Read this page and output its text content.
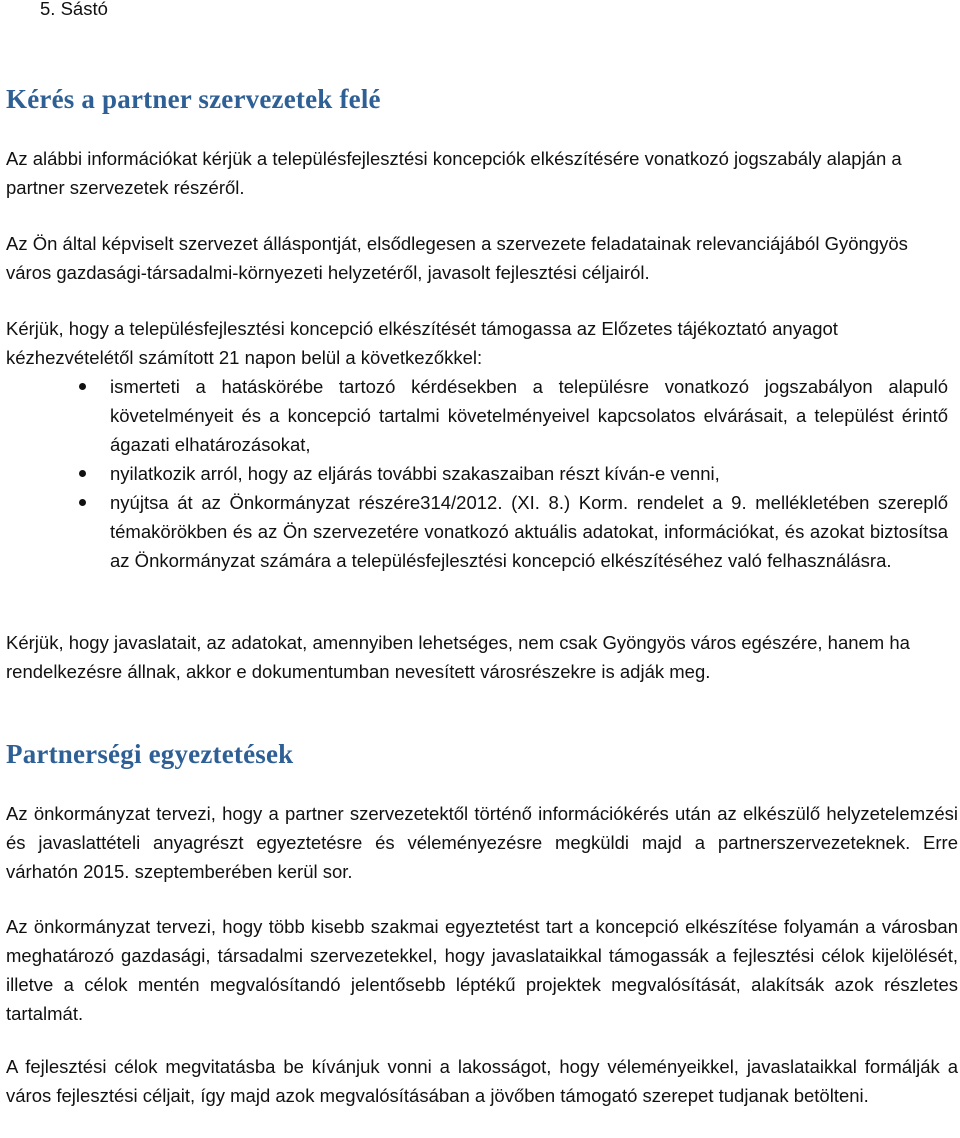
5. Sástó

Kérés a partner szervezetek felé

Az alábbi információkat kérjük a településfejlesztési koncepciók elkészítésére vonatkozó jogszabály alapján a partner szervezetek részéről.

Az Ön által képviselt szervezet álláspontját, elsődlegesen a szervezete feladatainak relevanciájából Gyöngyös város gazdasági-társadalmi-környezeti helyzetéről, javasolt fejlesztési céljairól.

Kérjük, hogy a településfejlesztési koncepció elkészítését támogassa az Előzetes tájékoztató anyagot kézhezvételétől számított 21 napon belül a következőkkel:

ismerteti a hatáskörébe tartozó kérdésekben a településre vonatkozó jogszabályon alapuló követelményeit és a koncepció tartalmi követelményeivel kapcsolatos elvárásait, a települést érintő ágazati elhatározásokat,
nyilatkozik arról, hogy az eljárás további szakaszaiban részt kíván-e venni,
nyújtsa át az Önkormányzat részére314/2012. (XI. 8.) Korm. rendelet a 9. mellékletében szereplő témakörökben és az Ön szervezetére vonatkozó aktuális adatokat, információkat, és azokat biztosítsa az Önkormányzat számára a településfejlesztési koncepció elkészítéséhez való felhasználásra.

Kérjük, hogy javaslatait, az adatokat, amennyiben lehetséges, nem csak Gyöngyös város egészére, hanem ha rendelkezésre állnak, akkor e dokumentumban nevesített városrészekre is adják meg.

Partnerségi egyeztetések

Az önkormányzat tervezi, hogy a partner szervezetektől történő információkérés után az elkészülő helyzetelemzési és javaslattételi anyagrészt egyeztetésre és véleményezésre megküldi majd a partnerszervezeteknek. Erre várhatón 2015. szeptemberében kerül sor.

Az önkormányzat tervezi, hogy több kisebb szakmai egyeztetést tart a koncepció elkészítése folyamán a városban meghatározó gazdasági, társadalmi szervezetekkel, hogy javaslataikkal támogassák a fejlesztési célok kijelölését, illetve a célok mentén megvalósítandó jelentősebb léptékű projektek megvalósítását, alakítsák azok részletes tartalmát.

A fejlesztési célok megvitatásba be kívánjuk vonni a lakosságot, hogy véleményeikkel, javaslataikkal formálják a város fejlesztési céljait, így majd azok megvalósításában a jövőben támogató szerepet tudjanak betölteni.
